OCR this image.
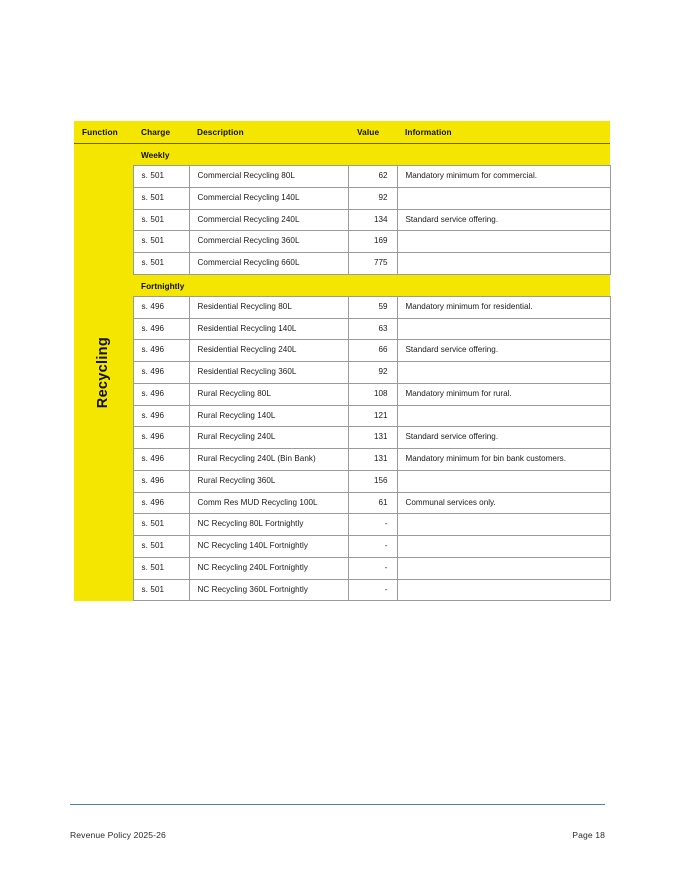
Function	Charge	Description	Value	Information

Recycling	Weekly			
	s. 501	Commercial Recycling 80L	62	Mandatory minimum for commercial.
	s. 501	Commercial Recycling 140L	92	
	s. 501	Commercial Recycling 240L	134	Standard service offering.
	s. 501	Commercial Recycling 360L	169	
	s. 501	Commercial Recycling 660L	775	
	Fortnightly			
	s. 496	Residential Recycling 80L	59	Mandatory minimum for residential.
	s. 496	Residential Recycling 140L	63	
	s. 496	Residential Recycling 240L	66	Standard service offering.
	s. 496	Residential Recycling 360L	92	
	s. 496	Rural Recycling 80L	108	Mandatory minimum for rural.
	s. 496	Rural Recycling 140L	121	
	s. 496	Rural Recycling 240L	131	Standard service offering.
	s. 496	Rural Recycling 240L (Bin Bank)	131	Mandatory minimum for bin bank customers.
	s. 496	Rural Recycling 360L	156	
	s. 496	Comm Res MUD Recycling 100L	61	Communal services only.
	s. 501	NC Recycling 80L Fortnightly	-	
	s. 501	NC Recycling 140L Fortnightly	-	
	s. 501	NC Recycling 240L Fortnightly	-	
	s. 501	NC Recycling 360L Fortnightly	-	
Revenue Policy 2025-26	Page 18
